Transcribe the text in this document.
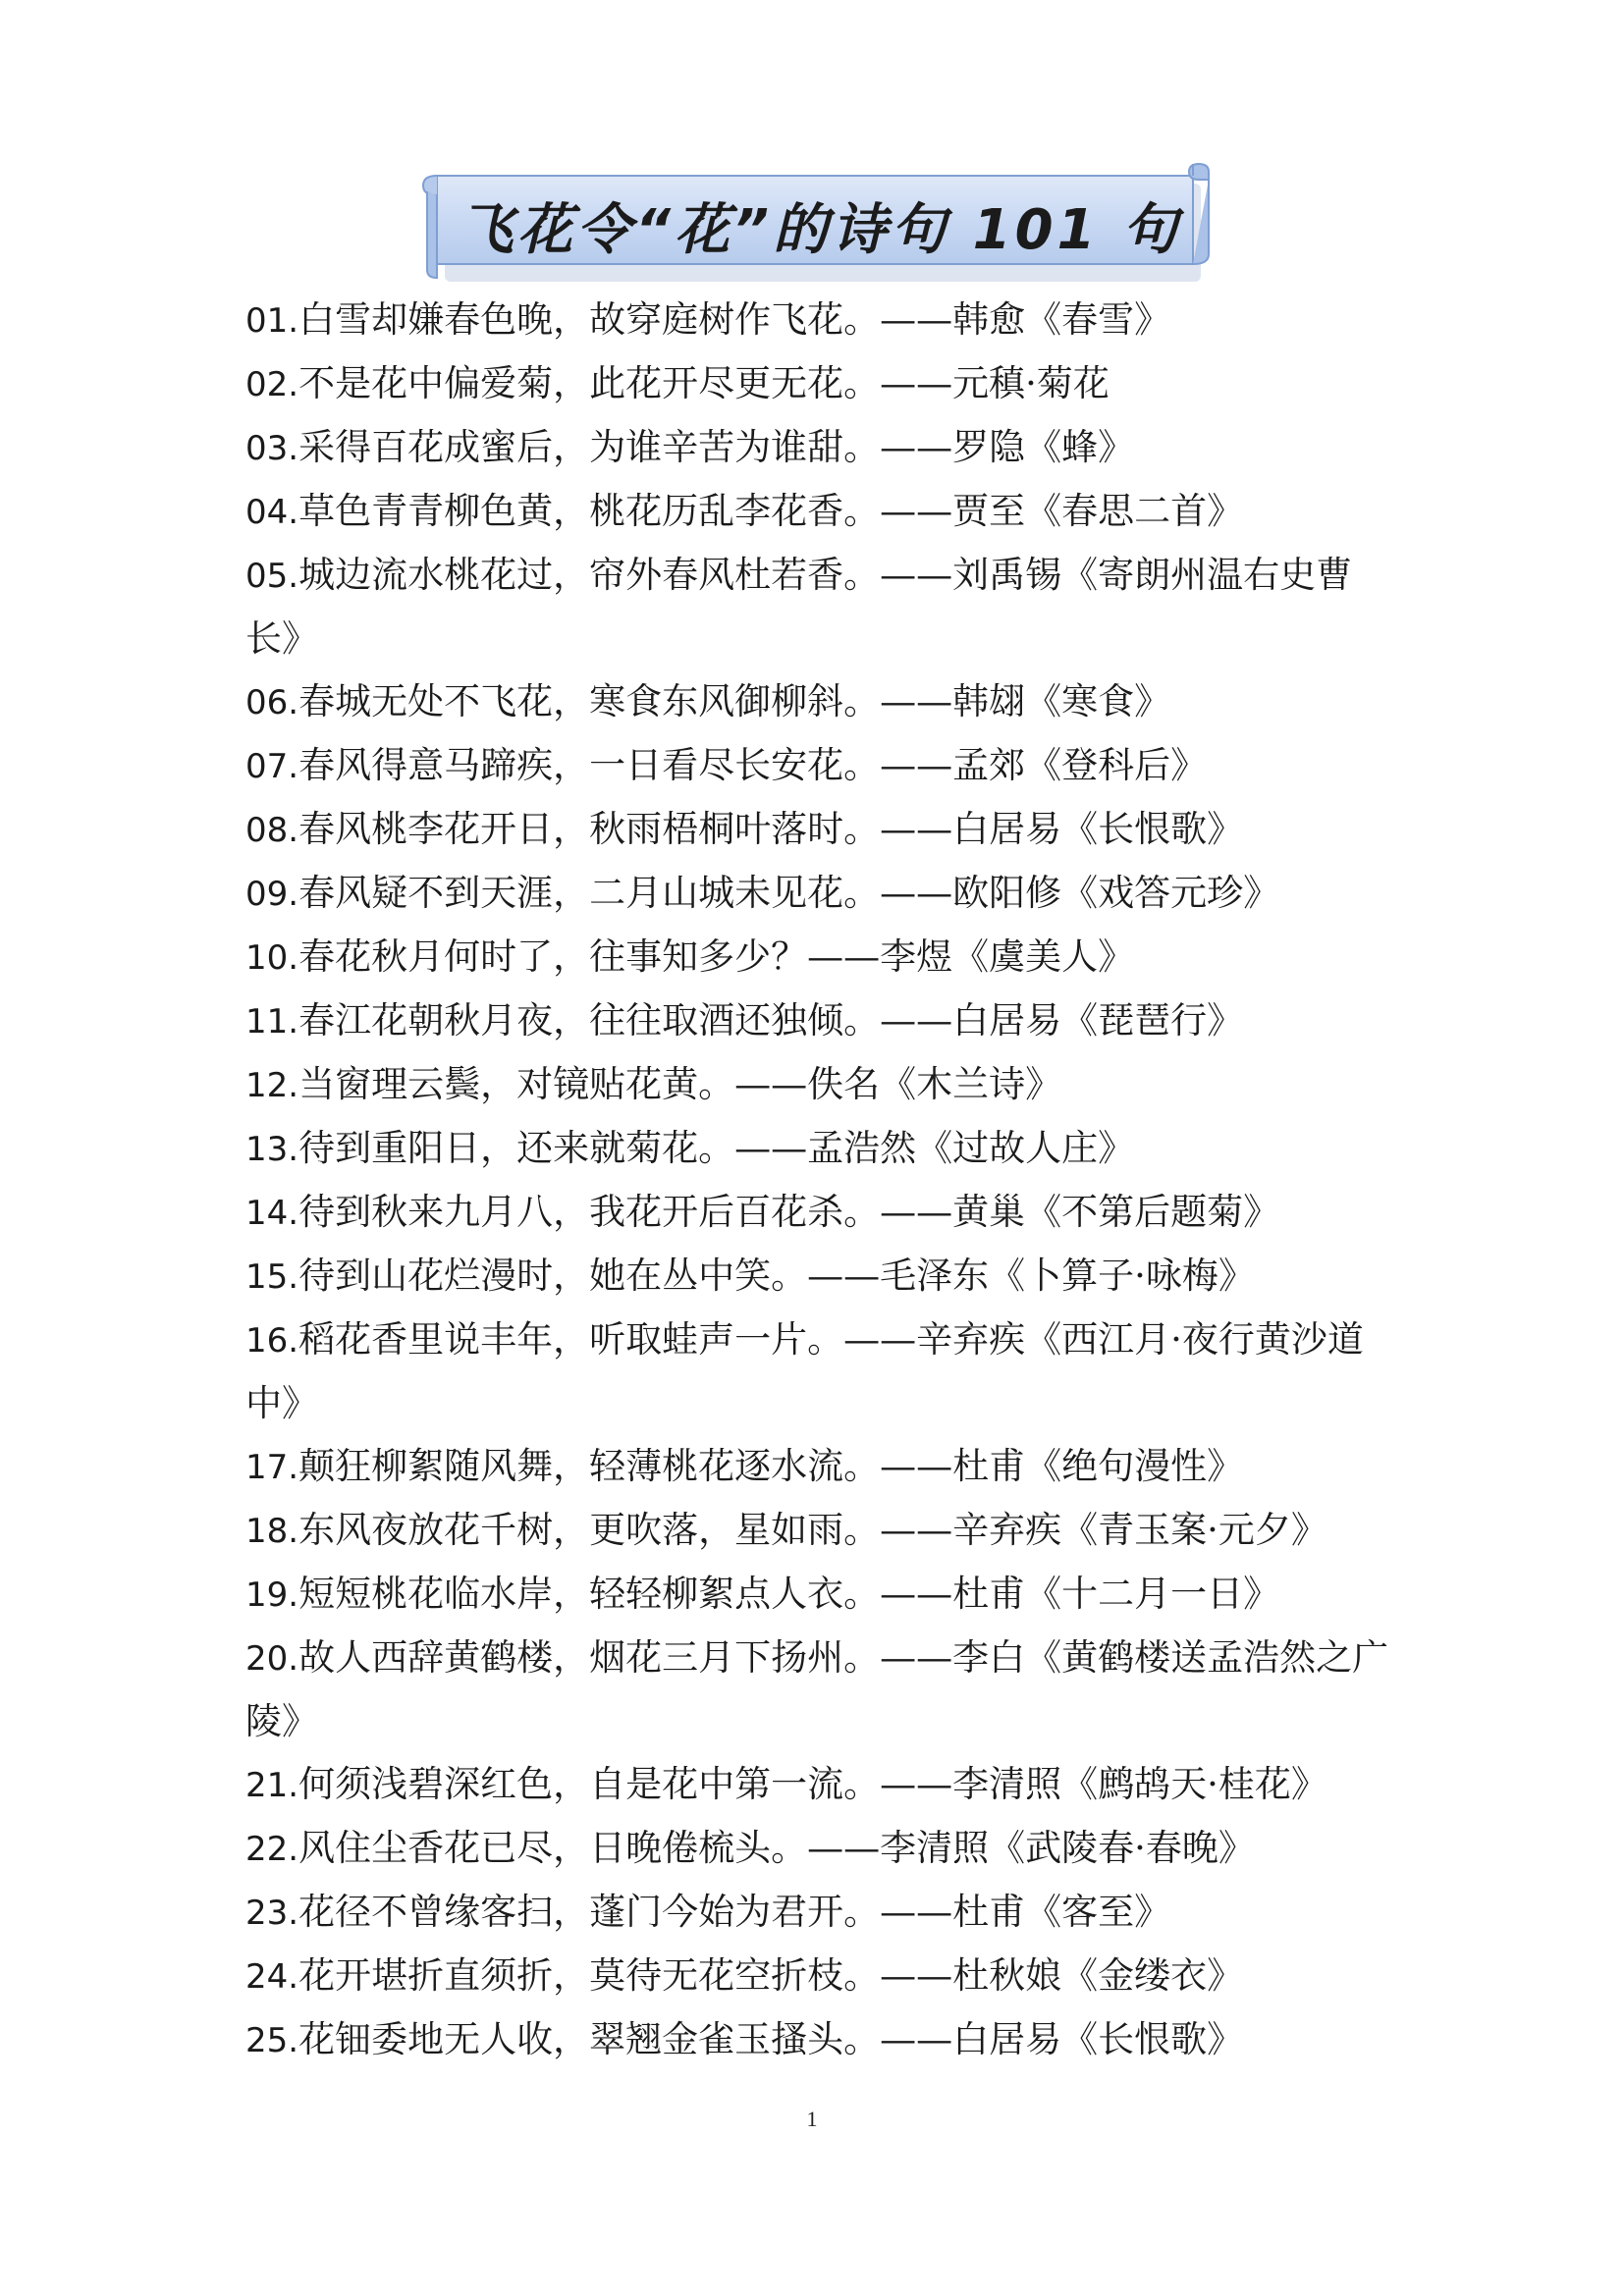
飞花令“花”的诗句 101 句
01.白雪却嫌春色晚，故穿庭树作飞花。——韩愈《春雪》
02.不是花中偏爱菊，此花开尽更无花。——元稹·菊花
03.采得百花成蜜后，为谁辛苦为谁甜。——罗隐《蜂》
04.草色青青柳色黄，桃花历乱李花香。——贾至《春思二首》
05.城边流水桃花过，帘外春风杜若香。——刘禹锡《寄朗州温右史曹长》
06.春城无处不飞花，寒食东风御柳斜。——韩翃《寒食》
07.春风得意马蹄疾，一日看尽长安花。——孟郊《登科后》
08.春风桃李花开日，秋雨梧桐叶落时。——白居易《长恨歌》
09.春风疑不到天涯，二月山城未见花。——欧阳修《戏答元珍》
10.春花秋月何时了，往事知多少？——李煜《虞美人》
11.春江花朝秋月夜，往往取酒还独倾。——白居易《琵琶行》
12.当窗理云鬓，对镜贴花黄。——佚名《木兰诗》
13.待到重阳日，还来就菊花。——孟浩然《过故人庄》
14.待到秋来九月八，我花开后百花杀。——黄巢《不第后题菊》
15.待到山花烂漫时，她在丛中笑。——毛泽东《卜算子·咏梅》
16.稻花香里说丰年，听取蛙声一片。——辛弃疾《西江月·夜行黄沙道中》
17.颠狂柳絮随风舞，轻薄桃花逐水流。——杜甫《绝句漫性》
18.东风夜放花千树，更吹落，星如雨。——辛弃疾《青玉案·元夕》
19.短短桃花临水岸，轻轻柳絮点人衣。——杜甫《十二月一日》
20.故人西辞黄鹤楼，烟花三月下扬州。——李白《黄鹤楼送孟浩然之广陵》
21.何须浅碧深红色，自是花中第一流。——李清照《鹧鸪天·桂花》
22.风住尘香花已尽，日晚倦梳头。——李清照《武陵春·春晚》
23.花径不曾缘客扫，蓬门今始为君开。——杜甫《客至》
24.花开堪折直须折，莫待无花空折枝。——杜秋娘《金缕衣》
25.花钿委地无人收，翠翘金雀玉搔头。——白居易《长恨歌》
1
